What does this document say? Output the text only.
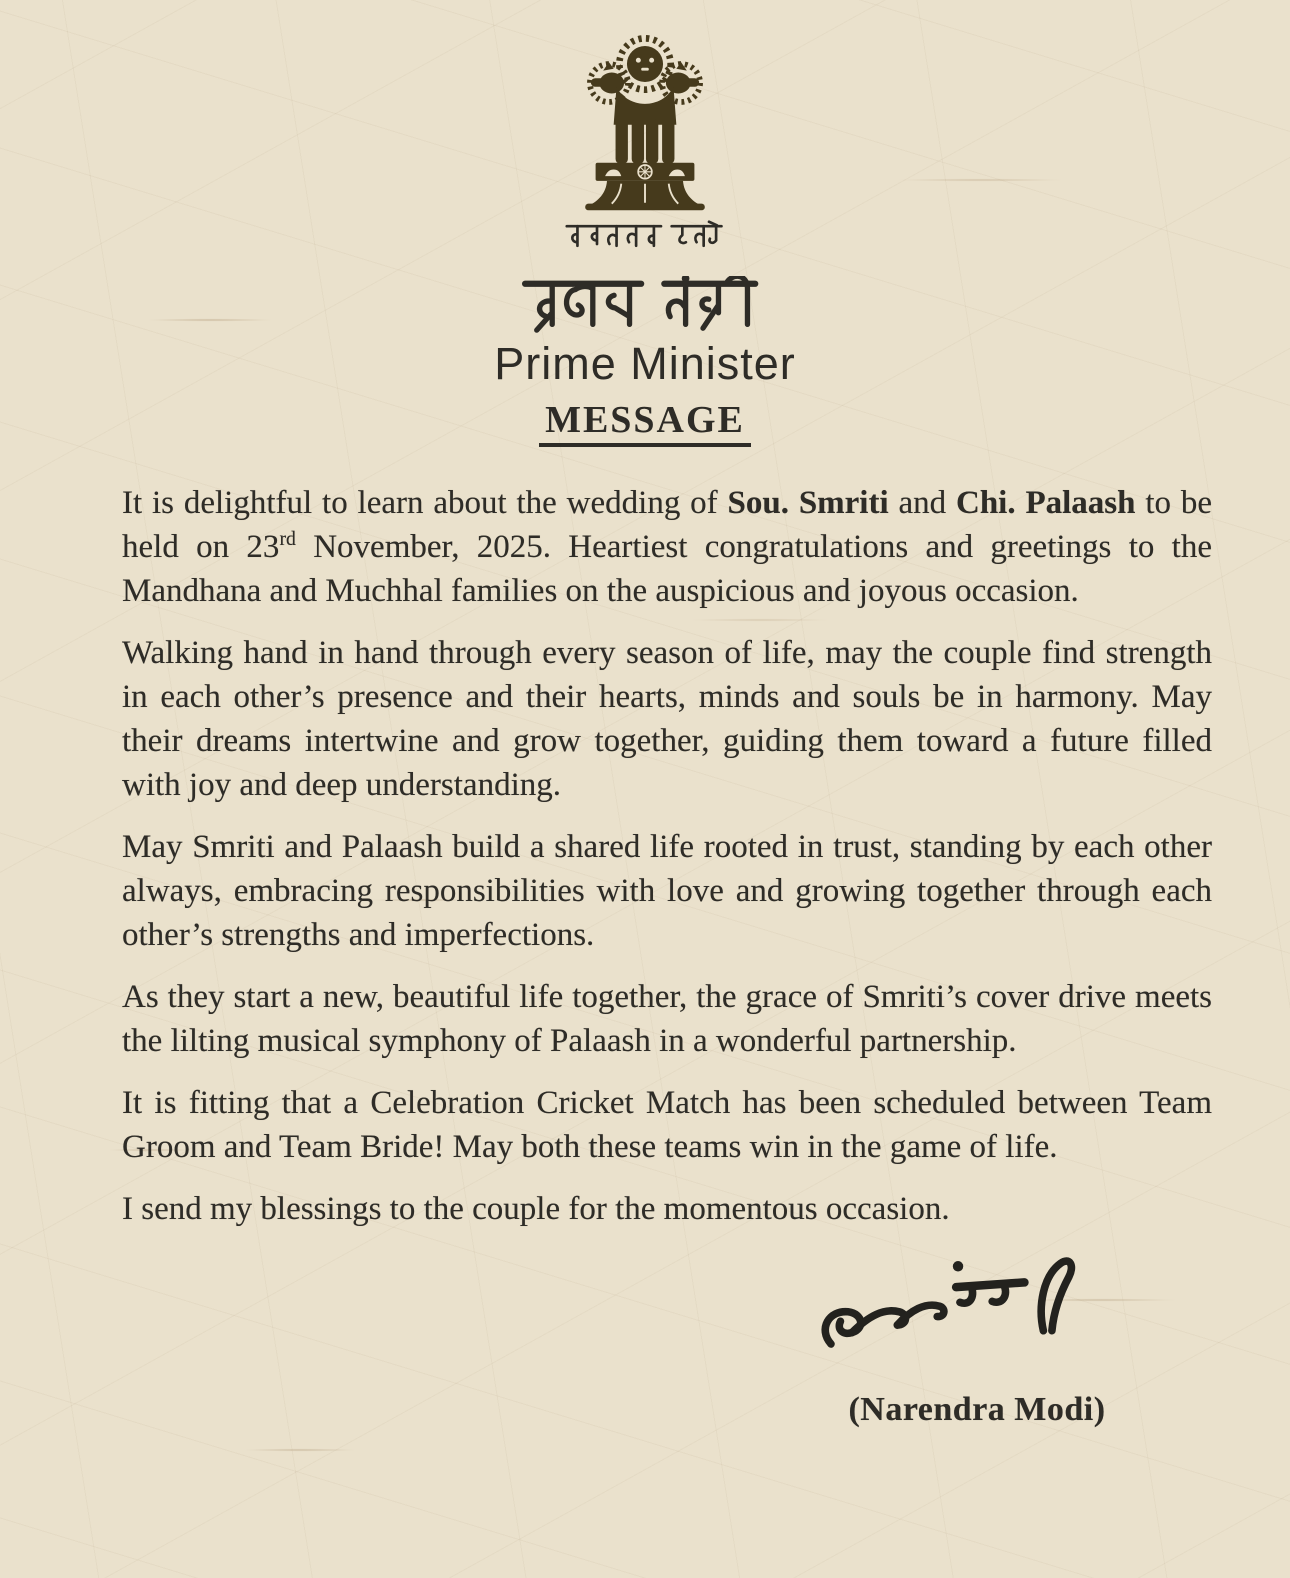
Prime Minister
MESSAGE

It is delightful to learn about the wedding of Sou. Smriti and Chi. Palaash to be held on 23rd November, 2025. Heartiest congratulations and greetings to the Mandhana and Muchhal families on the auspicious and joyous occasion.

Walking hand in hand through every season of life, may the couple find strength in each other’s presence and their hearts, minds and souls be in harmony. May their dreams intertwine and grow together, guiding them toward a future filled with joy and deep understanding.

May Smriti and Palaash build a shared life rooted in trust, standing by each other always, embracing responsibilities with love and growing together through each other’s strengths and imperfections.

As they start a new, beautiful life together, the grace of Smriti’s cover drive meets the lilting musical symphony of Palaash in a wonderful partnership.

It is fitting that a Celebration Cricket Match has been scheduled between Team Groom and Team Bride! May both these teams win in the game of life.

I send my blessings to the couple for the momentous occasion.

(Narendra Modi)
